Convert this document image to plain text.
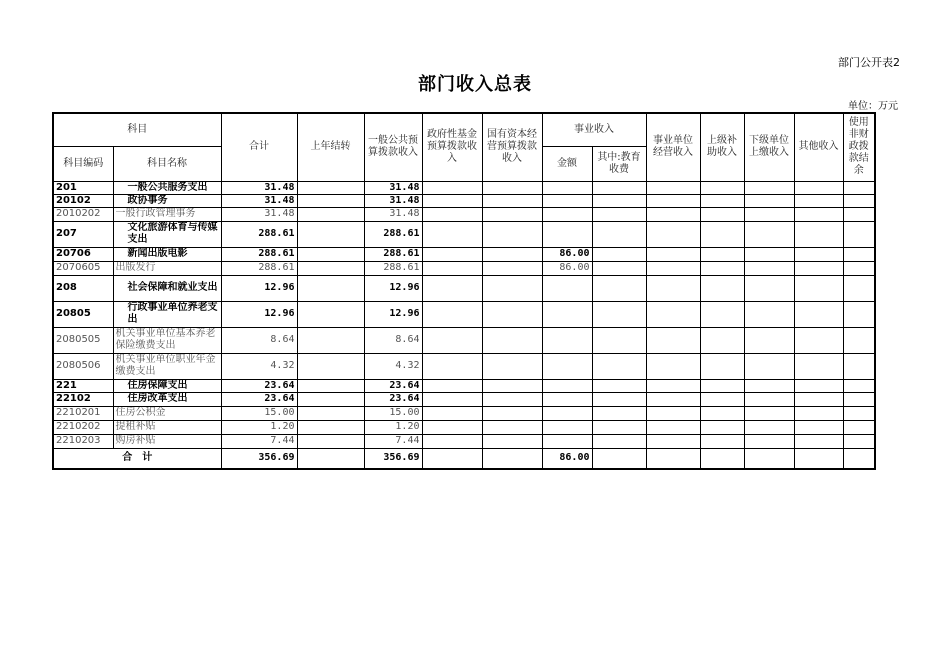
部门公开表2
部门收入总表
单位：万元
科目		合计	上年结转	一般公共预算拨款收入	政府性基金预算拨款收入	国有资本经营预算拨款收入	事业收入		事业单位经营收入	上级补助收入	下级单位上缴收入	其他收入	使用非财政拨款结余
科目编码	科目名称						金额	其中:教育收费					
201	一般公共服务支出	31.48		31.48									
20102	政协事务	31.48		31.48									
2010202	一般行政管理事务	31.48		31.48									
207	文化旅游体育与传媒支出	288.61		288.61									
20706	新闻出版电影	288.61		288.61			86.00						
2070605	出版发行	288.61		288.61			86.00						
208	社会保障和就业支出	12.96		12.96									
20805	行政事业单位养老支出	12.96		12.96									
2080505	机关事业单位基本养老保险缴费支出	8.64		8.64									
2080506	机关事业单位职业年金缴费支出	4.32		4.32									
221	住房保障支出	23.64		23.64									
22102	住房改革支出	23.64		23.64									
2210201	住房公积金	15.00		15.00									
2210202	提租补贴	1.20		1.20									
2210203	购房补贴	7.44		7.44									
合　计		356.69		356.69			86.00						
